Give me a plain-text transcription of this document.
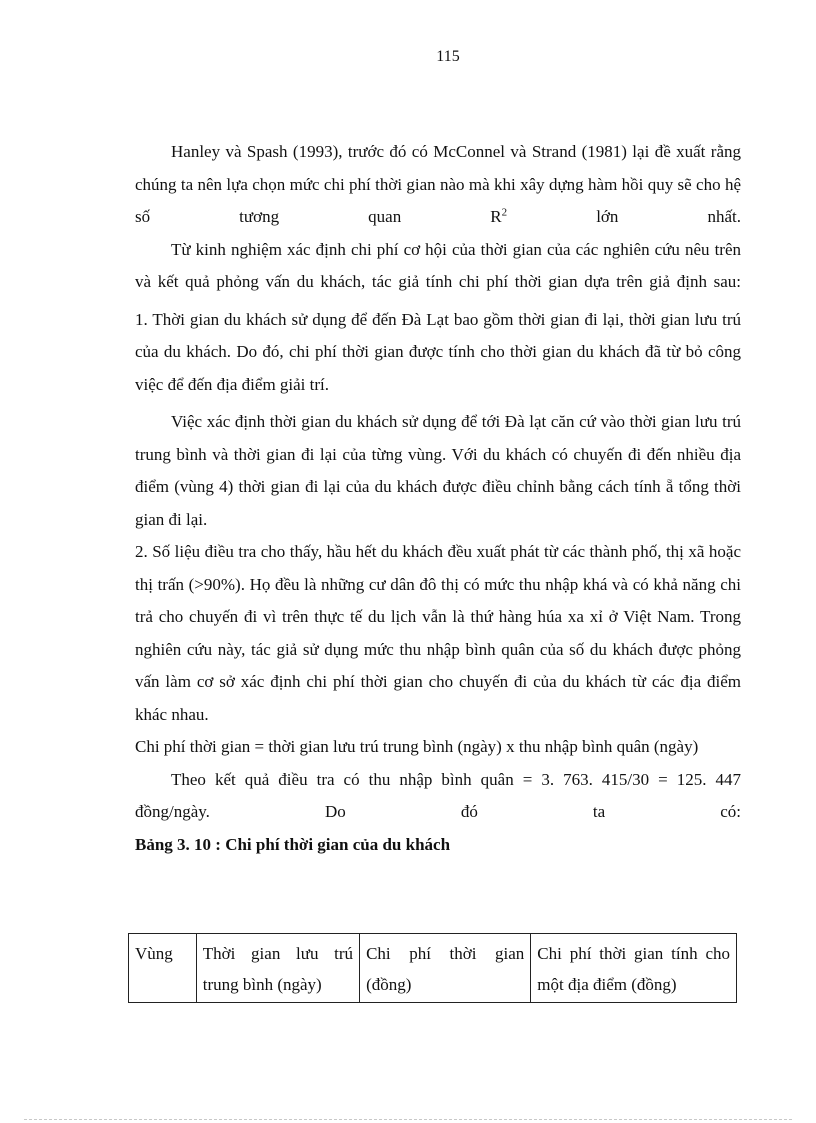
115

Hanley và Spash (1993), trước đó có McConnel và Strand (1981) lại đề xuất rằng chúng ta nên lựa chọn mức chi phí thời gian nào mà khi xây dựng hàm hồi quy sẽ cho hệ số tương quan $R^2$ lớn nhất.

Từ kinh nghiệm xác định chi phí cơ hội của thời gian của các nghiên cứu nêu trên và kết quả phỏng vấn du khách, tác giả tính chi phí thời gian dựa trên giả định sau:

1. Thời gian du khách sử dụng để đến Đà Lạt bao gồm thời gian đi lại, thời gian lưu trú của du khách. Do đó, chi phí thời gian được tính cho thời gian du khách đã từ bỏ công việc để đến địa điểm giải trí.

Việc xác định thời gian du khách sử dụng để tới Đà lạt căn cứ vào thời gian lưu trú trung bình và thời gian đi lại của từng vùng. Với du khách có chuyến đi đến nhiều địa điểm (vùng 4) thời gian đi lại của du khách được điều chỉnh bằng cách tính ẵ tổng thời gian đi lại.

2. Số liệu điều tra cho thấy, hầu hết du khách đều xuất phát từ các thành phố, thị xã hoặc thị trấn (>90%). Họ đều là những cư dân đô thị có mức thu nhập khá và có khả năng chi trả cho chuyến đi vì trên thực tế du lịch vẫn là thứ hàng húa xa xỉ ở Việt Nam. Trong nghiên cứu này, tác giả sử dụng mức thu nhập bình quân của số du khách được phỏng vấn làm cơ sở xác định chi phí thời gian cho chuyến đi của du khách từ các địa điểm khác nhau.

Chi phí thời gian = thời gian lưu trú trung bình (ngày) x thu nhập bình quân (ngày)

Theo kết quả điều tra có thu nhập bình quân = 3. 763. 415/30 = 125. 447 đồng/ngày. Do đó ta có:

Bảng 3. 10 : Chi phí thời gian của du khách

Vùng	Thời gian lưu trú trung bình (ngày)	Chi phí thời gian (đồng)	Chi phí thời gian tính cho một địa điểm (đồng)
